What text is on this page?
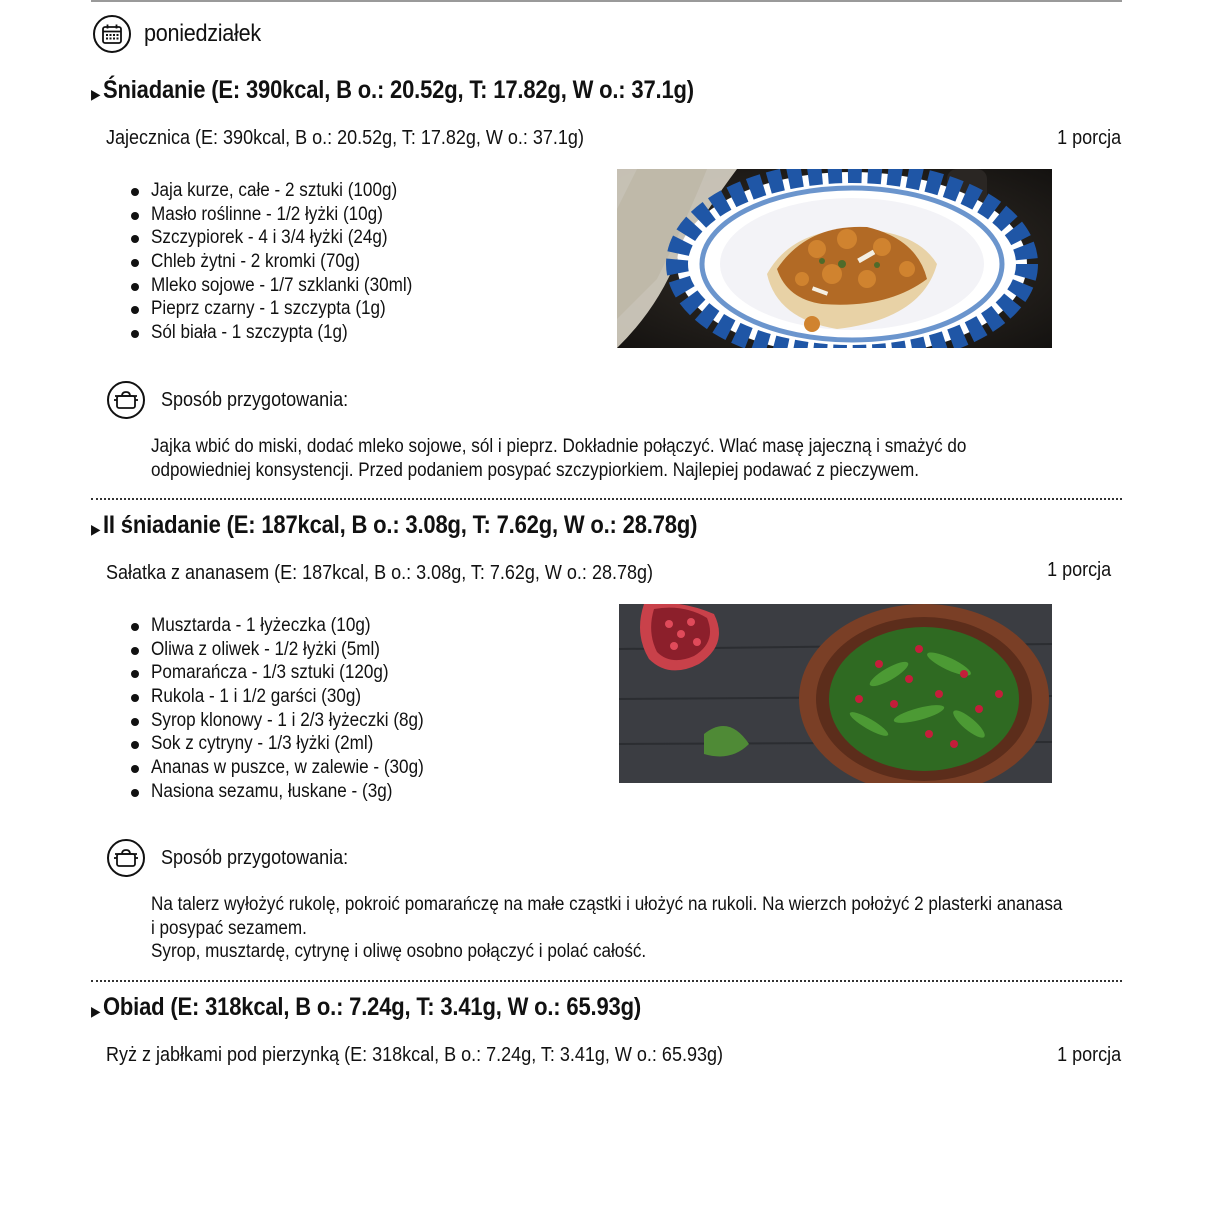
poniedziałek
▶ Śniadanie (E: 390kcal, B o.: 20.52g, T: 17.82g, W o.: 37.1g)
Jajecznica (E: 390kcal, B o.: 20.52g, T: 17.82g, W o.: 37.1g)	1 porcja
Jaja kurze, całe - 2 sztuki (100g)
Masło roślinne - 1/2 łyżki (10g)
Szczypiorek - 4 i 3/4 łyżki (24g)
Chleb żytni - 2 kromki (70g)
Mleko sojowe - 1/7 szklanki (30ml)
Pieprz czarny - 1 szczypta (1g)
Sól biała - 1 szczypta (1g)
Sposób przygotowania:
Jajka wbić do miski, dodać mleko sojowe, sól i pieprz. Dokładnie połączyć. Wlać masę jajeczną i smażyć do
odpowiedniej konsystencji. Przed podaniem posypać szczypiorkiem. Najlepiej podawać z pieczywem.
▶ II śniadanie (E: 187kcal, B o.: 3.08g, T: 7.62g, W o.: 28.78g)
Sałatka z ananasem (E: 187kcal, B o.: 3.08g, T: 7.62g, W o.: 28.78g)	1 porcja
Musztarda - 1 łyżeczka (10g)
Oliwa z oliwek - 1/2 łyżki (5ml)
Pomarańcza - 1/3 sztuki (120g)
Rukola - 1 i 1/2 garści (30g)
Syrop klonowy - 1 i 2/3 łyżeczki (8g)
Sok z cytryny - 1/3 łyżki (2ml)
Ananas w puszce, w zalewie - (30g)
Nasiona sezamu, łuskane - (3g)
Sposób przygotowania:
Na talerz wyłożyć rukolę, pokroić pomarańczę na małe cząstki i ułożyć na rukoli. Na wierzch położyć 2 plasterki ananasa
i posypać sezamem.
Syrop, musztardę, cytrynę i oliwę osobno połączyć i polać całość.
▶ Obiad (E: 318kcal, B o.: 7.24g, T: 3.41g, W o.: 65.93g)
Ryż z jabłkami pod pierzynką (E: 318kcal, B o.: 7.24g, T: 3.41g, W o.: 65.93g)	1 porcja
